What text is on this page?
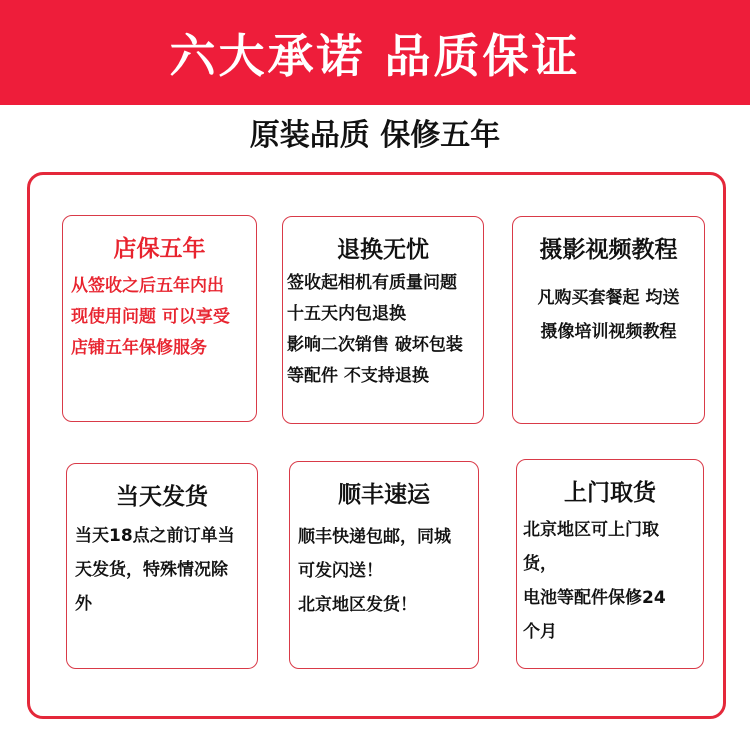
六大承诺 品质保证
原装品质 保修五年
店保五年
从签收之后五年内出
现使用问题 可以享受
店铺五年保修服务
退换无忧
签收起相机有质量问题
十五天内包退换
影响二次销售 破坏包装
等配件 不支持退换
摄影视频教程
凡购买套餐起 均送
摄像培训视频教程
当天发货
当天18点之前订单当
天发货，特殊情况除
外
顺丰速运
顺丰快递包邮，同城
可发闪送！
北京地区发货！
上门取货
北京地区可上门取
货，
电池等配件保修24
个月
